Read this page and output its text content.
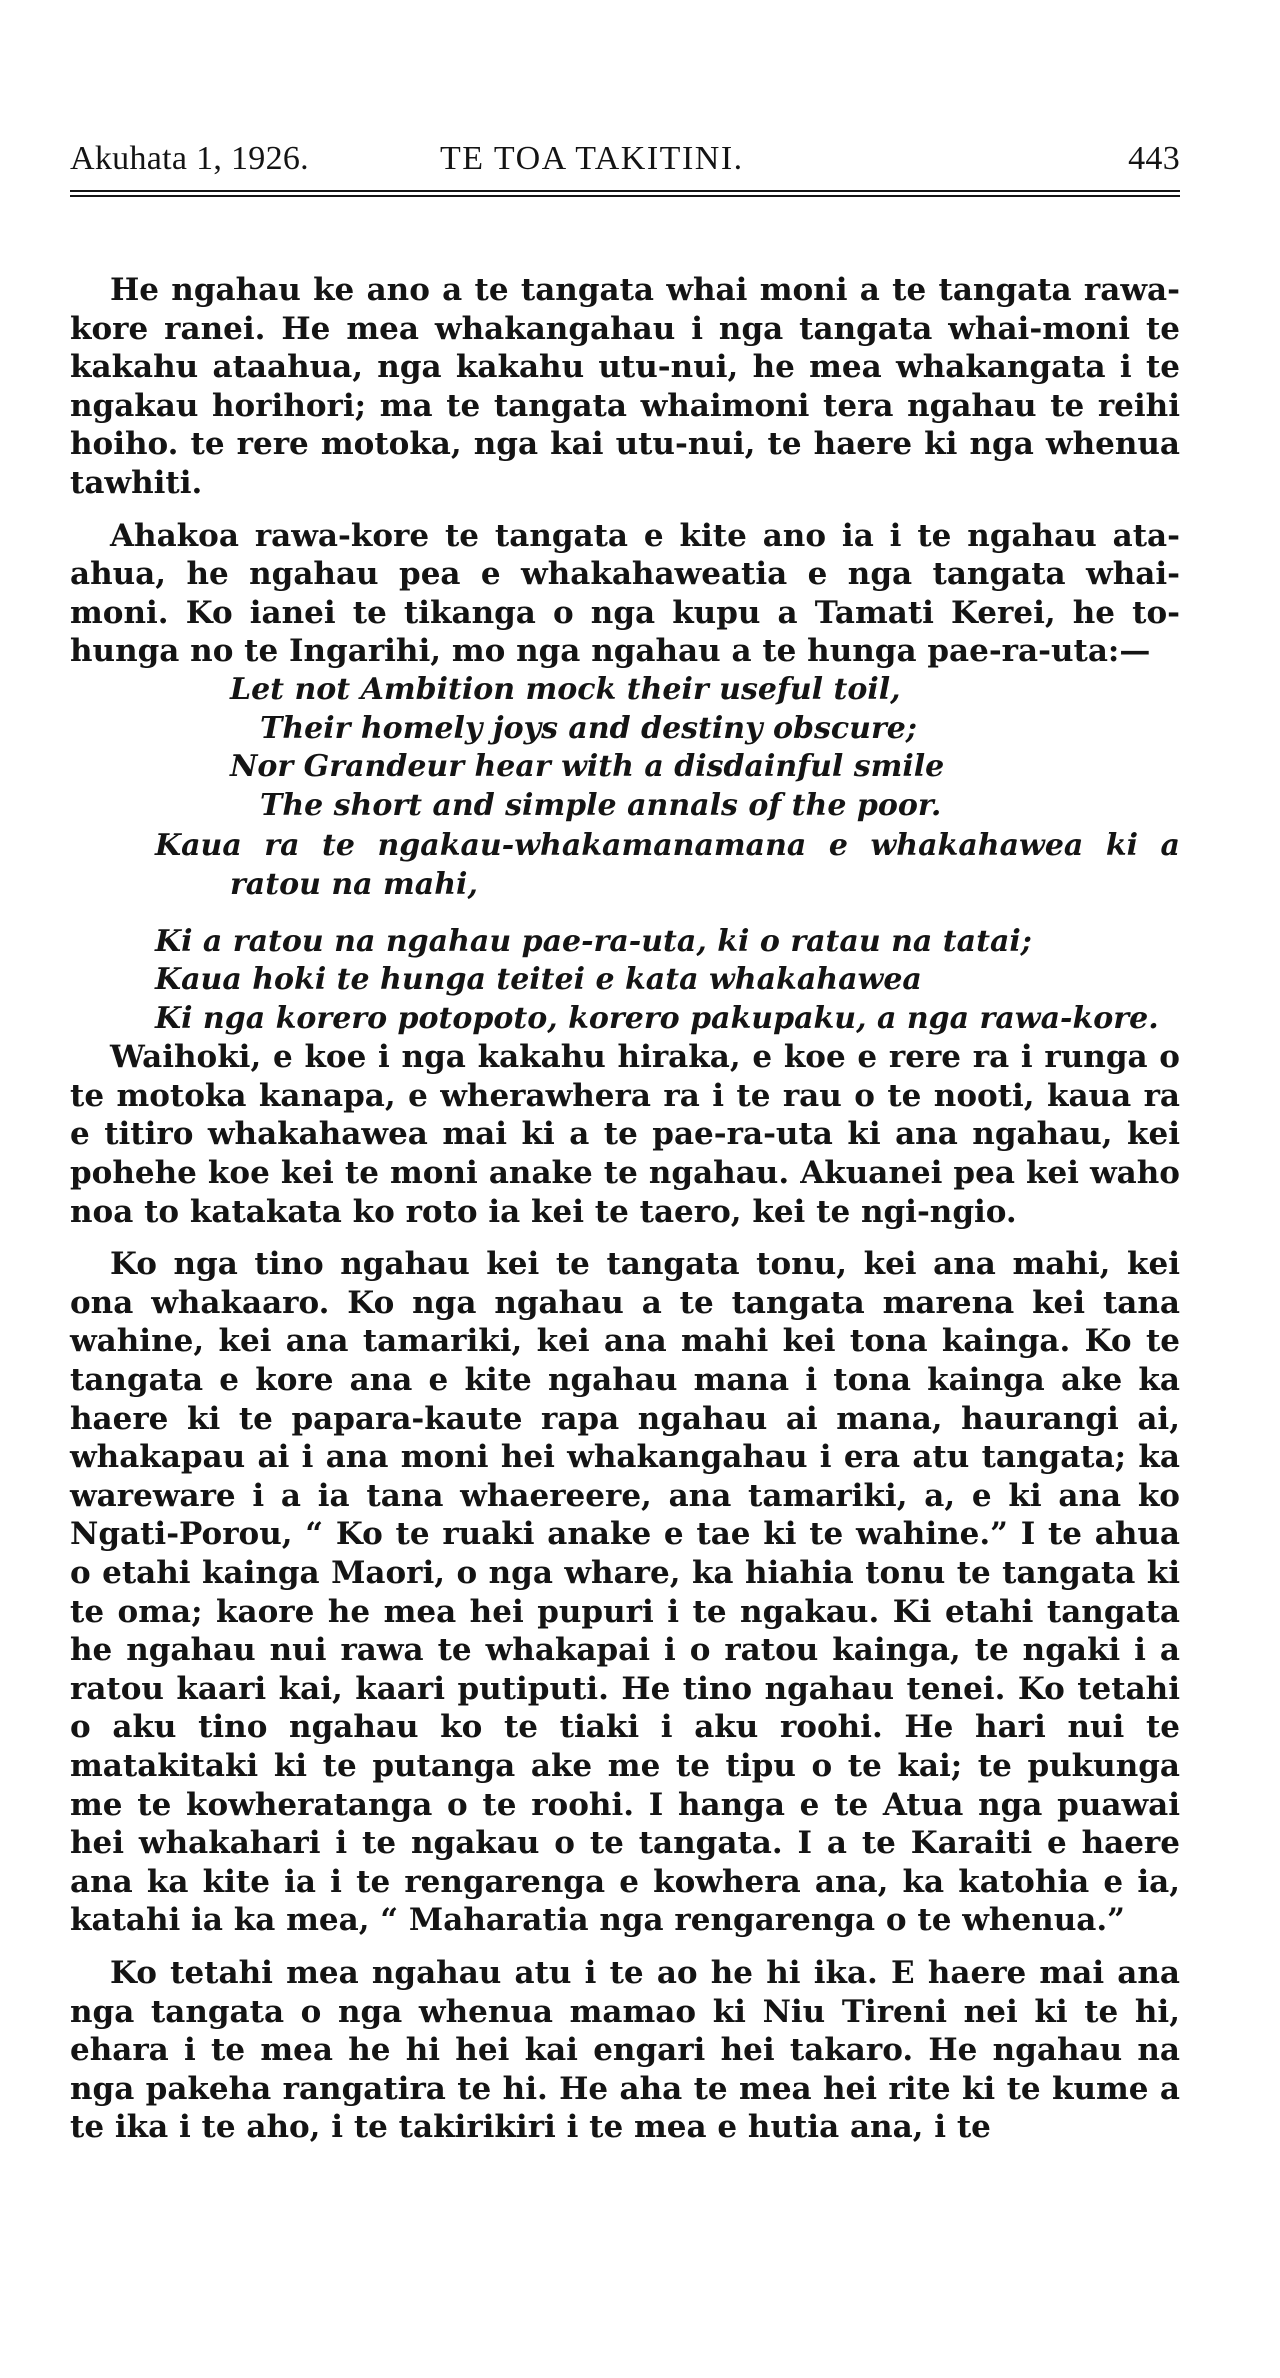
Akuhata 1, 1926.	TE TOA TAKITINI.	443

He ngahau ke ano a te tangata whai moni a te tangata rawa-kore ranei. He mea whakangahau i nga tangata whai-moni te kakahu ataahua, nga kakahu utu-nui, he mea whakangata i te ngakau horihori; ma te tangata whaimoni tera ngahau te reihi hoiho. te rere motoka, nga kai utu-nui, te haere ki nga whenua tawhiti.

Ahakoa rawa-kore te tangata e kite ano ia i te ngahau ata-ahua, he ngahau pea e whakahaweatia e nga tangata whai-moni. Ko ianei te tikanga o nga kupu a Tamati Kerei, he to-hunga no te Ingarihi, mo nga ngahau a te hunga pae-ra-uta:—

Let not Ambition mock their useful toil,
Their homely joys and destiny obscure;
Nor Grandeur hear with a disdainful smile
The short and simple annals of the poor.
Kaua ra te ngakau-whakamanamana e whakahawea ki a
ratou na mahi,
Ki a ratou na ngahau pae-ra-uta, ki o ratau na tatai;
Kaua hoki te hunga teitei e kata whakahawea
Ki nga korero potopoto, korero pakupaku, a nga rawa-kore.

Waihoki, e koe i nga kakahu hiraka, e koe e rere ra i runga o te motoka kanapa, e wherawhera ra i te rau o te nooti, kaua ra e titiro whakahawea mai ki a te pae-ra-uta ki ana ngahau, kei pohehe koe kei te moni anake te ngahau. Akuanei pea kei waho noa to katakata ko roto ia kei te taero, kei te ngi-ngio.

Ko nga tino ngahau kei te tangata tonu, kei ana mahi, kei ona whakaaro. Ko nga ngahau a te tangata marena kei tana wahine, kei ana tamariki, kei ana mahi kei tona kainga. Ko te tangata e kore ana e kite ngahau mana i tona kainga ake ka haere ki te papara-kaute rapa ngahau ai mana, haurangi ai, whakapau ai i ana moni hei whakangahau i era atu tangata; ka wareware i a ia tana whaereere, ana tamariki, a, e ki ana ko Ngati-Porou, “ Ko te ruaki anake e tae ki te wahine.” I te ahua o etahi kainga Maori, o nga whare, ka hiahia tonu te tangata ki te oma; kaore he mea hei pupuri i te ngakau. Ki etahi tangata he ngahau nui rawa te whakapai i o ratou kainga, te ngaki i a ratou kaari kai, kaari putiputi. He tino ngahau tenei. Ko tetahi o aku tino ngahau ko te tiaki i aku roohi. He hari nui te matakitaki ki te putanga ake me te tipu o te kai; te pukunga me te kowheratanga o te roohi. I hanga e te Atua nga puawai hei whakahari i te ngakau o te tangata. I a te Karaiti e haere ana ka kite ia i te rengarenga e kowhera ana, ka katohia e ia, katahi ia ka mea, “ Maharatia nga rengarenga o te whenua.”

Ko tetahi mea ngahau atu i te ao he hi ika. E haere mai ana nga tangata o nga whenua mamao ki Niu Tireni nei ki te hi, ehara i te mea he hi hei kai engari hei takaro. He ngahau na nga pakeha rangatira te hi. He aha te mea hei rite ki te kume a te ika i te aho, i te takirikiri i te mea e hutia ana, i te
